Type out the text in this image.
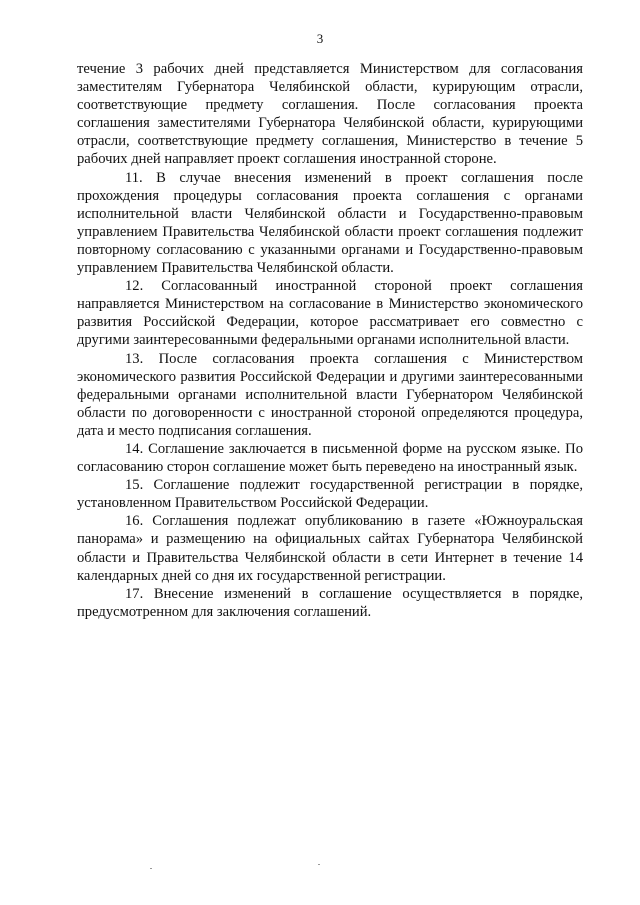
3

течение 3 рабочих дней представляется Министерством для согласования заместителям Губернатора Челябинской области, курирующим отрасли, соответствующие предмету соглашения. После согласования проекта соглашения заместителями Губернатора Челябинской области, курирующими отрасли, соответствующие предмету соглашения, Министерство в течение 5 рабочих дней направляет проект соглашения иностранной стороне.

11. В случае внесения изменений в проект соглашения после прохождения процедуры согласования проекта соглашения с органами исполнительной власти Челябинской области и Государственно-правовым управлением Правительства Челябинской области проект соглашения подлежит повторному согласованию с указанными органами и Государственно-правовым управлением Правительства Челябинской области.

12. Согласованный иностранной стороной проект соглашения направляется Министерством на согласование в Министерство экономического развития Российской Федерации, которое рассматривает его совместно с другими заинтересованными федеральными органами исполнительной власти.

13. После согласования проекта соглашения с Министерством экономического развития Российской Федерации и другими заинтересованными федеральными органами исполнительной власти Губернатором Челябинской области по договоренности с иностранной стороной определяются процедура, дата и место подписания соглашения.

14. Соглашение заключается в письменной форме на русском языке. По согласованию сторон соглашение может быть переведено на иностранный язык.

15. Соглашение подлежит государственной регистрации в порядке, установленном Правительством Российской Федерации.

16. Соглашения подлежат опубликованию в газете «Южноуральская панорама» и размещению на официальных сайтах Губернатора Челябинской области и Правительства Челябинской области в сети Интернет в течение 14 календарных дней со дня их государственной регистрации.

17. Внесение изменений в соглашение осуществляется в порядке, предусмотренном для заключения соглашений.
